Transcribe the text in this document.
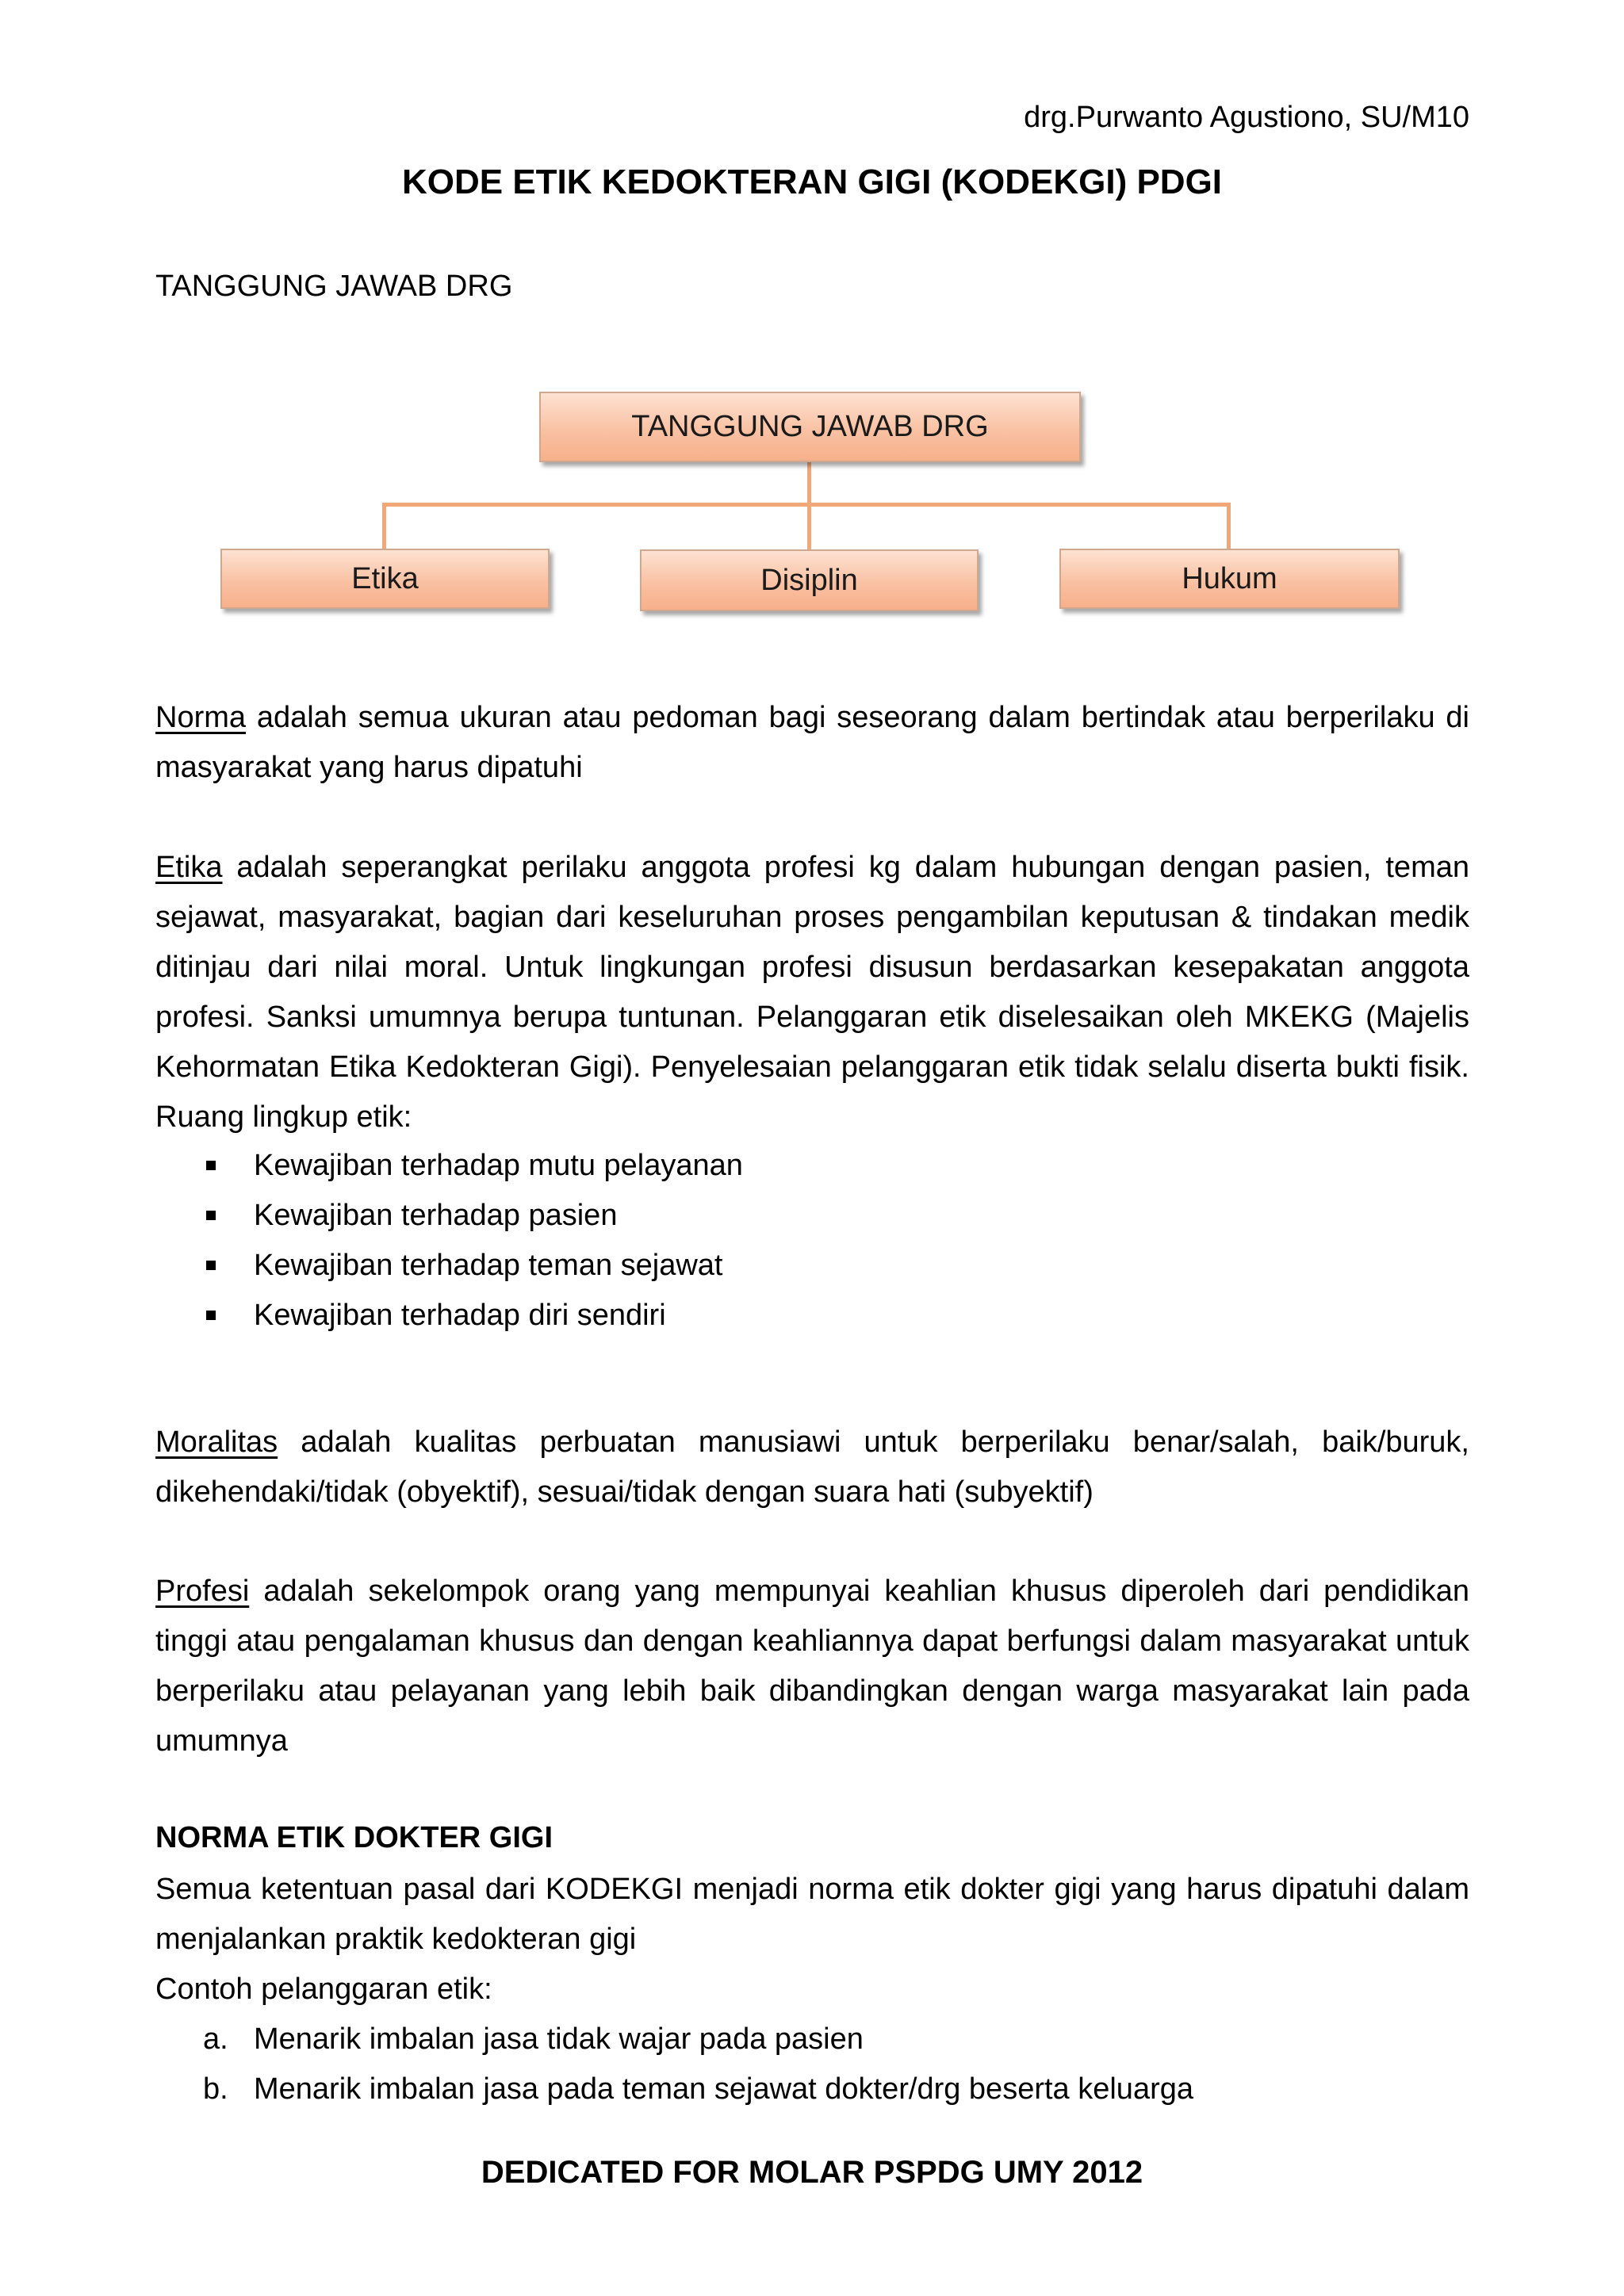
drg.Purwanto Agustiono, SU/M10
KODE ETIK KEDOKTERAN GIGI (KODEKGI) PDGI
TANGGUNG JAWAB DRG
TANGGUNG JAWAB DRG
Etika	Disiplin	Hukum

Norma adalah semua ukuran atau pedoman bagi seseorang dalam bertindak atau berperilaku di masyarakat yang harus dipatuhi

Etika adalah seperangkat perilaku anggota profesi kg dalam hubungan dengan pasien, teman sejawat, masyarakat, bagian dari keseluruhan proses pengambilan keputusan & tindakan medik ditinjau dari nilai moral. Untuk lingkungan profesi disusun berdasarkan kesepakatan anggota profesi. Sanksi umumnya berupa tuntunan. Pelanggaran etik diselesaikan oleh MKEKG (Majelis Kehormatan Etika Kedokteran Gigi). Penyelesaian pelanggaran etik tidak selalu diserta bukti fisik. Ruang lingkup etik:

Kewajiban terhadap mutu pelayanan
Kewajiban terhadap pasien
Kewajiban terhadap teman sejawat
Kewajiban terhadap diri sendiri

Moralitas adalah kualitas perbuatan manusiawi untuk berperilaku benar/salah, baik/buruk, dikehendaki/tidak (obyektif), sesuai/tidak dengan suara hati (subyektif)

Profesi adalah sekelompok orang yang mempunyai keahlian khusus diperoleh dari pendidikan tinggi atau pengalaman khusus dan dengan keahliannya dapat berfungsi dalam masyarakat untuk berperilaku atau pelayanan yang lebih baik dibandingkan dengan warga masyarakat lain pada umumnya

NORMA ETIK DOKTER GIGI

Semua ketentuan pasal dari KODEKGI menjadi norma etik dokter gigi yang harus dipatuhi dalam menjalankan praktik kedokteran gigi

Contoh pelanggaran etik:

a. Menarik imbalan jasa tidak wajar pada pasien
b. Menarik imbalan jasa pada teman sejawat dokter/drg beserta keluarga
DEDICATED FOR MOLAR PSPDG UMY 2012
